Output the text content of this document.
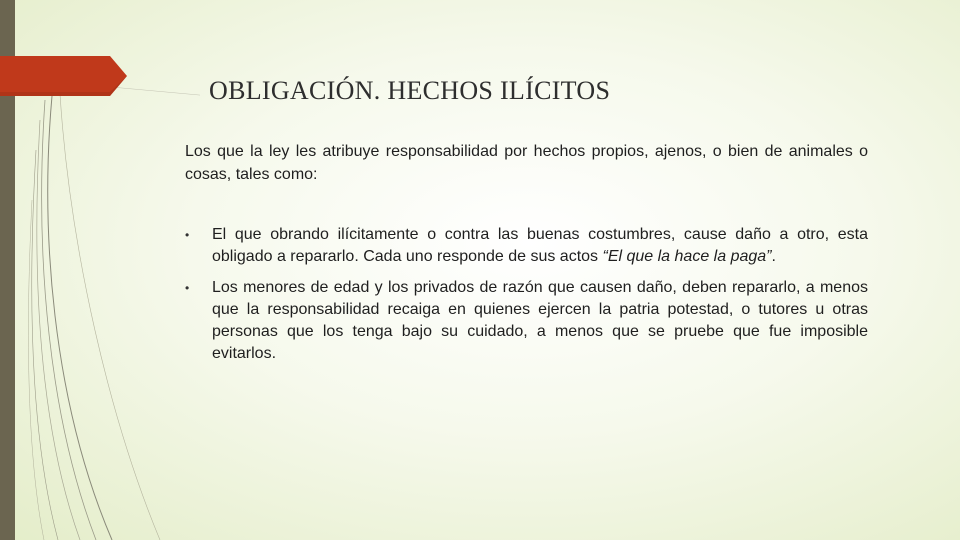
OBLIGACIÓN. HECHOS ILÍCITOS

Los que la ley les atribuye responsabilidad por hechos propios, ajenos, o bien de animales o cosas, tales como:

• El que obrando ilícitamente o contra las buenas costumbres, cause daño a otro, esta obligado a repararlo. Cada uno responde de sus actos “El que la hace la paga”.
• Los menores de edad y los privados de razón que causen daño, deben repararlo, a menos que la responsabilidad recaiga en quienes ejercen la patria potestad, o tutores u otras personas que los tenga bajo su cuidado, a menos que se pruebe que fue imposible evitarlos.
